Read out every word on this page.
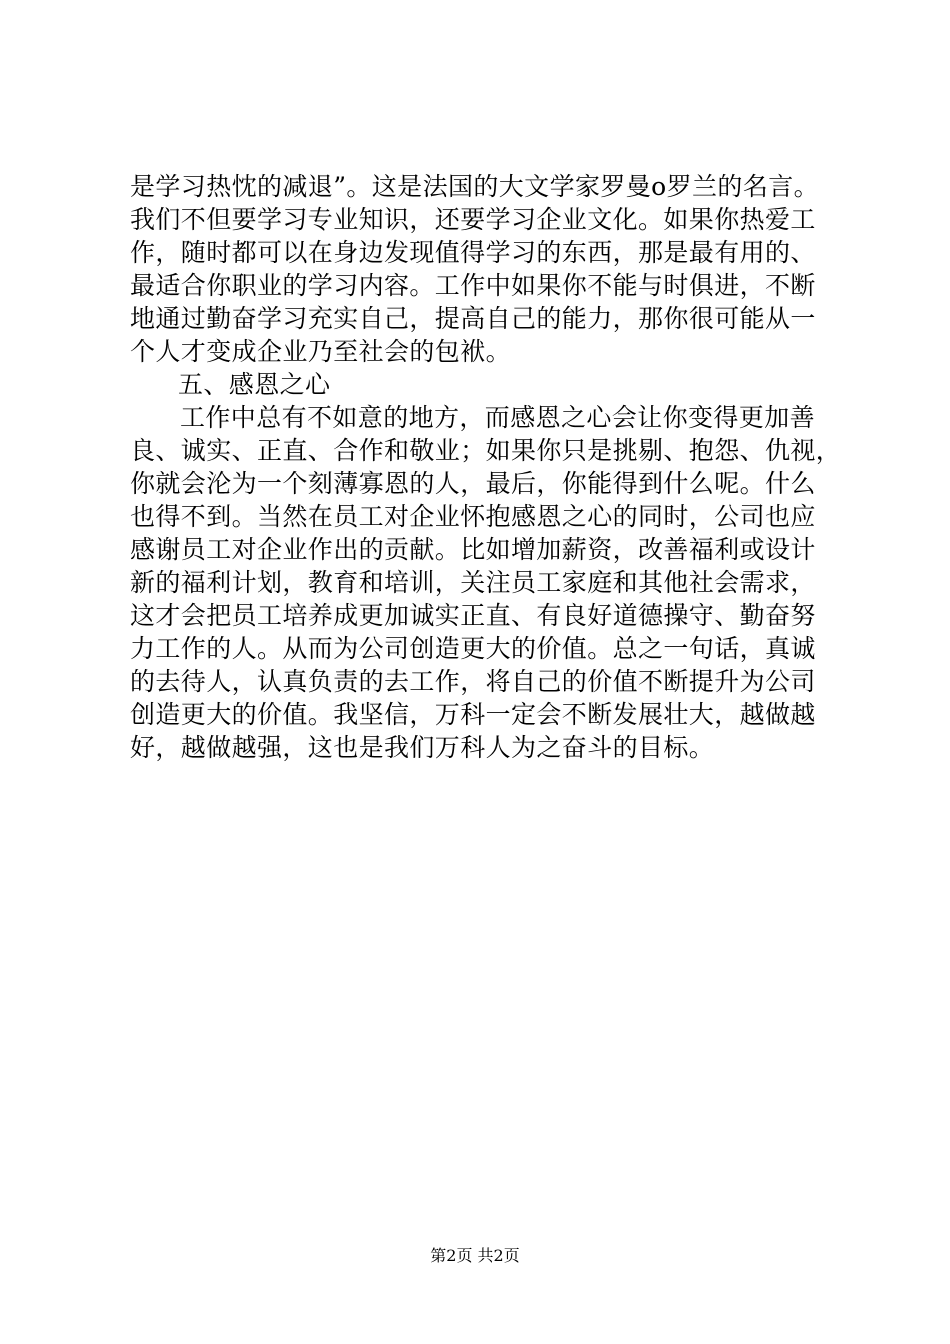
是学习热忱的减退”。这是法国的大文学家罗曼o罗兰的名言。
我们不但要学习专业知识，还要学习企业文化。如果你热爱工
作，随时都可以在身边发现值得学习的东西，那是最有用的、
最适合你职业的学习内容。工作中如果你不能与时俱进，不断
地通过勤奋学习充实自己，提高自己的能力，那你很可能从一
个人才变成企业乃至社会的包袱。
五、感恩之心
工作中总有不如意的地方，而感恩之心会让你变得更加善
良、诚实、正直、合作和敬业；如果你只是挑剔、抱怨、仇视，
你就会沦为一个刻薄寡恩的人，最后，你能得到什么呢。什么
也得不到。当然在员工对企业怀抱感恩之心的同时，公司也应
感谢员工对企业作出的贡献。比如增加薪资，改善福利或设计
新的福利计划，教育和培训，关注员工家庭和其他社会需求，
这才会把员工培养成更加诚实正直、有良好道德操守、勤奋努
力工作的人。从而为公司创造更大的价值。总之一句话，真诚
的去待人，认真负责的去工作，将自己的价值不断提升为公司
创造更大的价值。我坚信，万科一定会不断发展壮大，越做越
好，越做越强，这也是我们万科人为之奋斗的目标。
第2页 共2页
